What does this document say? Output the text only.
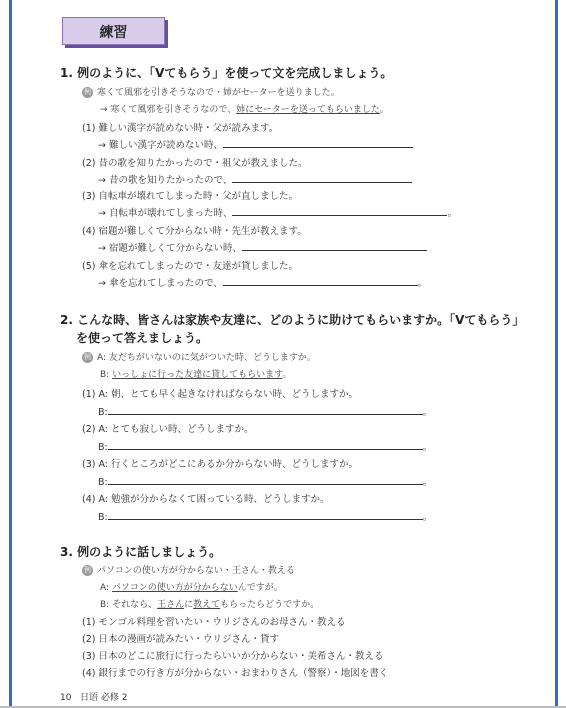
練習
1. 例のように、「Vてもらう」を使って文を完成しましょう。
例 寒くて風邪を引きそうなので・姉がセーターを送りました。
→ 寒くて風邪を引きそうなので、姉にセーターを送ってもらいました。
(1) 難しい漢字が読めない時・父が読みます。
→ 難しい漢字が読めない時、
(2) 昔の歌を知りたかったので・祖父が教えました。
→ 昔の歌を知りたかったので、
(3) 自転車が壊れてしまった時・父が直しました。
→ 自転車が壊れてしまった時、	。
(4) 宿題が難しくて分からない時・先生が教えます。
→ 宿題が難しくて分からない時、
(5) 傘を忘れてしまったので・友達が貸しました。
→ 傘を忘れてしまったので、	。
2. こんな時、皆さんは家族や友達に、どのように助けてもらいますか。「Vてもらう」
を使って答えましょう。
例 A: 友だちがいないのに気がついた時、どうしますか。
B: いっしょに行った友達に貸してもらいます。
(1) A: 朝、とても早く起きなければならない時、どうしますか。
B:	。
(2) A: とても寂しい時、どうしますか。
B:	。
(3) A: 行くところがどこにあるか分からない時、どうしますか。
B:	。
(4) A: 勉強が分からなくて困っている時、どうしますか。
B:	。
3. 例のように話しましょう。
例 パソコンの使い方が分からない・王さん・教える
A: パソコンの使い方が分からないんですが。
B: それなら、王さんに教えてもらったらどうですか。
(1) モンゴル料理を習いたい・ウリジさんのお母さん・教える
(2) 日本の漫画が読みたい・ウリジさん・貸す
(3) 日本のどこに旅行に行ったらいいか分からない・美希さん・教える
(4) 銀行までの行き方が分からない・おまわりさん（警察）・地図を書く
10 日语 必修 2
